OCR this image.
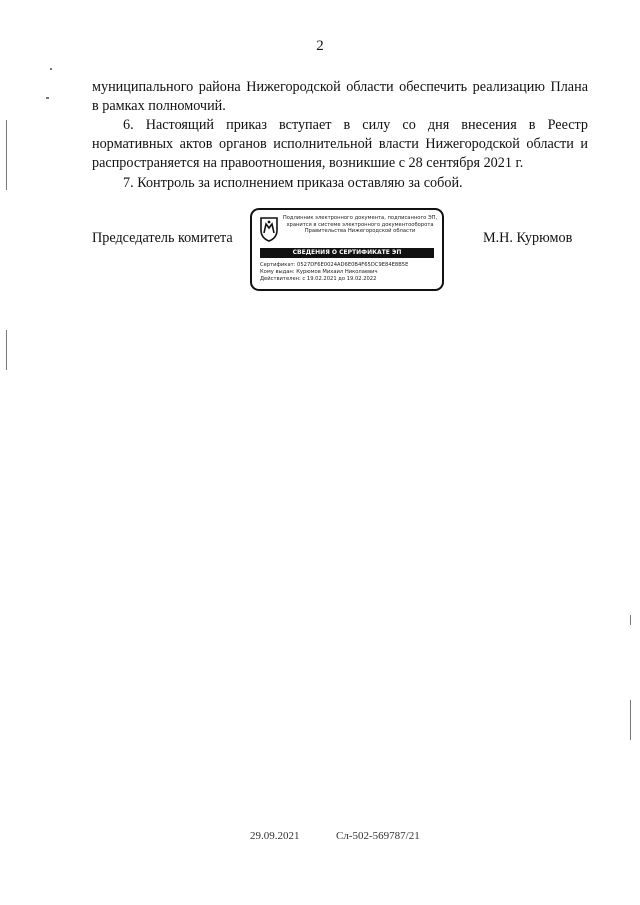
2

муниципального района Нижегородской области обеспечить реализацию Плана

в рамках полномочий.

6. Настоящий приказ вступает в силу со дня внесения в Реестр

нормативных актов органов исполнительной власти Нижегородской области и

распространяется на правоотношения, возникшие с 28 сентября 2021 г.

7. Контроль за исполнением приказа оставляю за собой.

Председатель комитета
Подлинник электронного документа, подписанного ЭП, хранится в системе электронного документооборота Правительства Нижегородской области
СВЕДЕНИЯ О СЕРТИФИКАТЕ ЭП
Сертификат: 0527DF6E0024AD6E0B4F65DC9E84E8B5E
Кому выдан: Курюмов Михаил Николаевич
Действителен: с 19.02.2021 до 19.02.2022
М.Н. Курюмов
29.09.2021	Сл-502-569787/21
